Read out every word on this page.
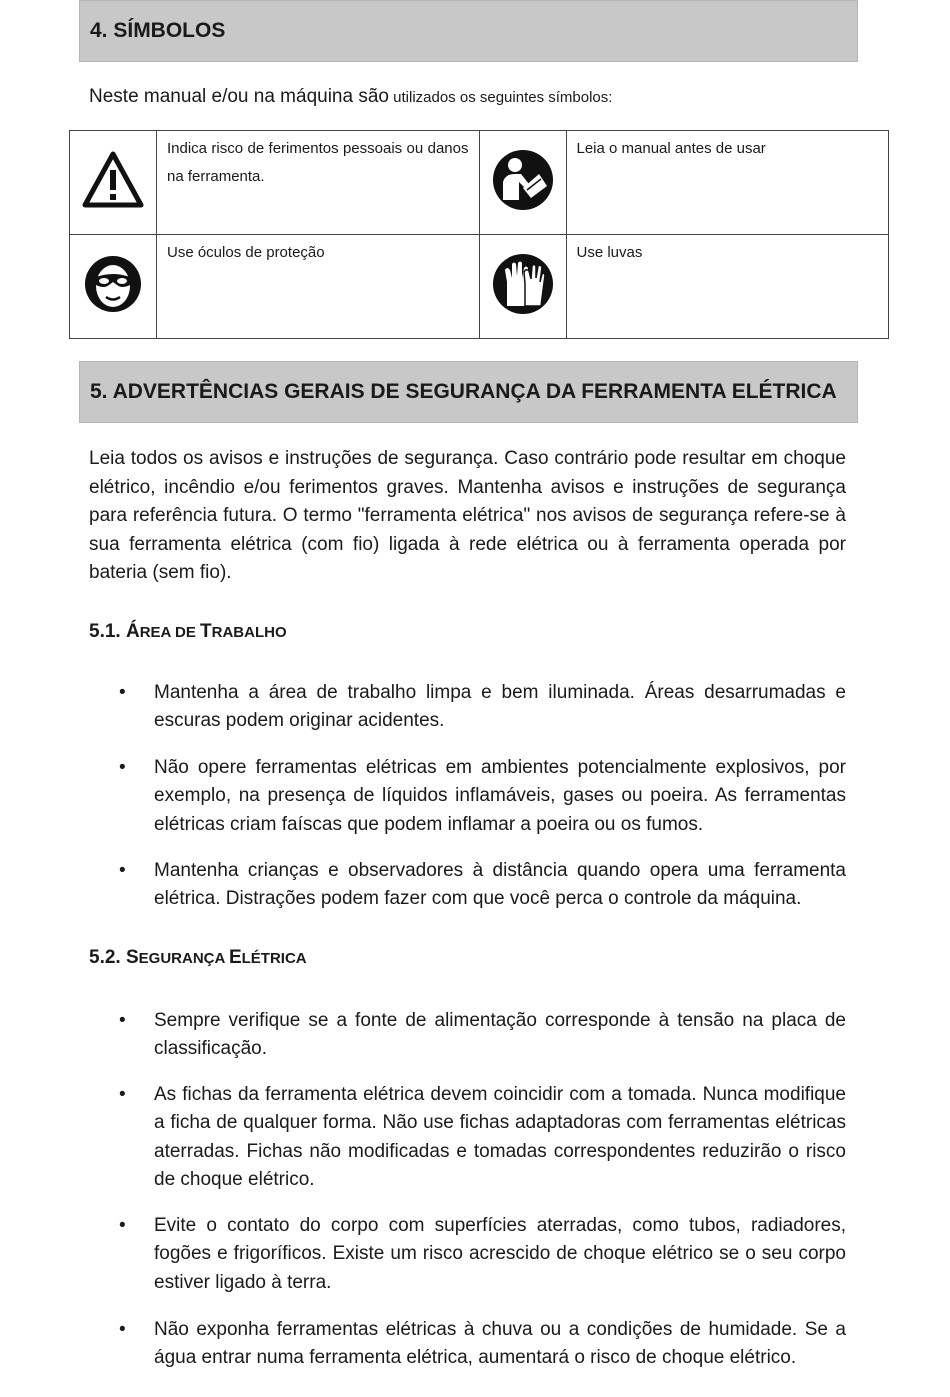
4. SÍMBOLOS
Neste manual e/ou na máquina são utilizados os seguintes símbolos:
	Indica risco de ferimentos pessoais ou danos na ferramenta.		Leia o manual antes de usar
	Use óculos de proteção		Use luvas
5. ADVERTÊNCIAS GERAIS DE SEGURANÇA DA FERRAMENTA ELÉTRICA
Leia todos os avisos e instruções de segurança. Caso contrário pode resultar em choque elétrico, incêndio e/ou ferimentos graves. Mantenha avisos e instruções de segurança para referência futura. O termo "ferramenta elétrica" nos avisos de segurança refere-se à sua ferramenta elétrica (com fio) ligada à rede elétrica ou à ferramenta operada por bateria (sem fio).
5.1. ÁREA DE TRABALHO
•	Mantenha a área de trabalho limpa e bem iluminada. Áreas desarrumadas e escuras podem originar acidentes.
•	Não opere ferramentas elétricas em ambientes potencialmente explosivos, por exemplo, na presença de líquidos inflamáveis, gases ou poeira. As ferramentas elétricas criam faíscas que podem inflamar a poeira ou os fumos.
•	Mantenha crianças e observadores à distância quando opera uma ferramenta elétrica. Distrações podem fazer com que você perca o controle da máquina.
5.2. SEGURANÇA ELÉTRICA
•	Sempre verifique se a fonte de alimentação corresponde à tensão na placa de classificação.
•	As fichas da ferramenta elétrica devem coincidir com a tomada. Nunca modifique a ficha de qualquer forma. Não use fichas adaptadoras com ferramentas elétricas aterradas. Fichas não modificadas e tomadas correspondentes reduzirão o risco de choque elétrico.
•	Evite o contato do corpo com superfícies aterradas, como tubos, radiadores, fogões e frigoríficos. Existe um risco acrescido de choque elétrico se o seu corpo estiver ligado à terra.
•	Não exponha ferramentas elétricas à chuva ou a condições de humidade. Se a água entrar numa ferramenta elétrica, aumentará o risco de choque elétrico.
